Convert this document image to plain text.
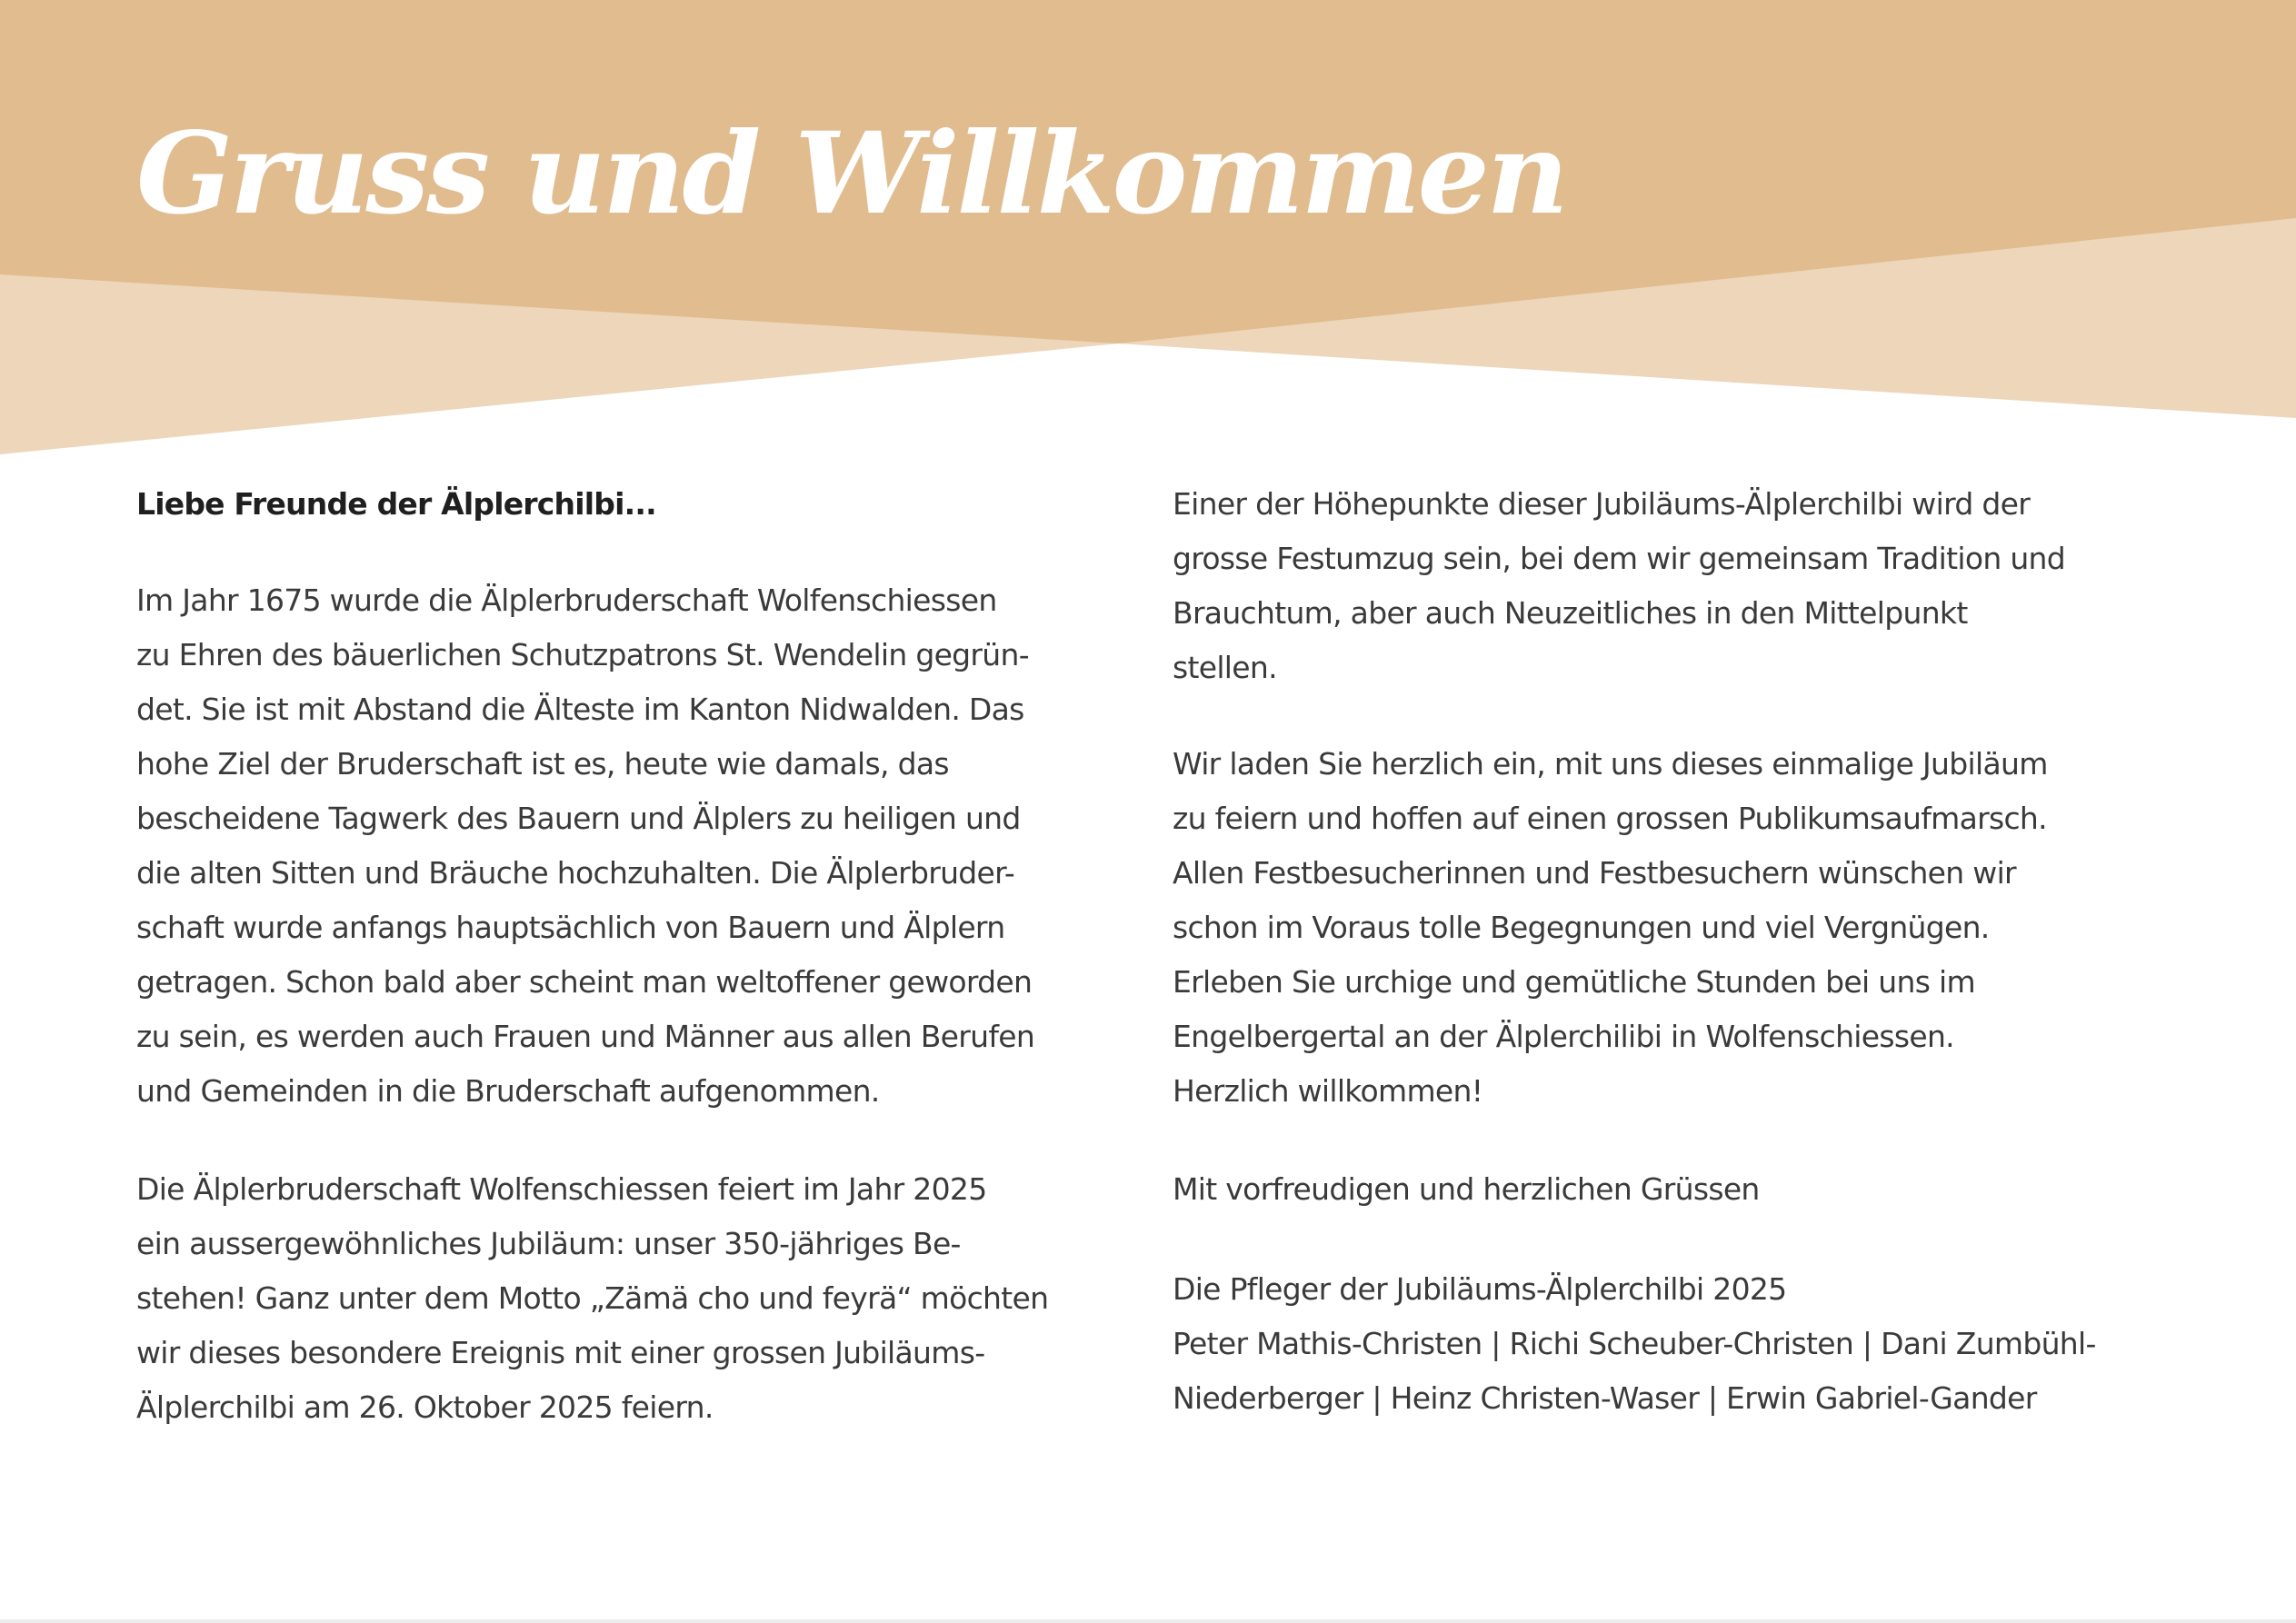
Gruss und Willkommen
Liebe Freunde der Älplerchilbi...
Im Jahr 1675 wurde die Älplerbruderschaft Wolfenschiessen
zu Ehren des bäuerlichen Schutzpatrons St. Wendelin gegrün-
det. Sie ist mit Abstand die Älteste im Kanton Nidwalden. Das
hohe Ziel der Bruderschaft ist es, heute wie damals, das
bescheidene Tagwerk des Bauern und Älplers zu heiligen und
die alten Sitten und Bräuche hochzuhalten. Die Älplerbruder-
schaft wurde anfangs hauptsächlich von Bauern und Älplern
getragen. Schon bald aber scheint man weltoffener geworden
zu sein, es werden auch Frauen und Männer aus allen Berufen
und Gemeinden in die Bruderschaft aufgenommen.
Die Älplerbruderschaft Wolfenschiessen feiert im Jahr 2025
ein aussergewöhnliches Jubiläum: unser 350-jähriges Be-
stehen! Ganz unter dem Motto „Zämä cho und feyrä“ möchten
wir dieses besondere Ereignis mit einer grossen Jubiläums-
Älplerchilbi am 26. Oktober 2025 feiern.
Einer der Höhepunkte dieser Jubiläums-Älplerchilbi wird der
grosse Festumzug sein, bei dem wir gemeinsam Tradition und
Brauchtum, aber auch Neuzeitliches in den Mittelpunkt
stellen.
Wir laden Sie herzlich ein, mit uns dieses einmalige Jubiläum
zu feiern und hoffen auf einen grossen Publikumsaufmarsch.
Allen Festbesucherinnen und Festbesuchern wünschen wir
schon im Voraus tolle Begegnungen und viel Vergnügen.
Erleben Sie urchige und gemütliche Stunden bei uns im
Engelbergertal an der Älplerchilibi in Wolfenschiessen.
Herzlich willkommen!
Mit vorfreudigen und herzlichen Grüssen
Die Pfleger der Jubiläums-Älplerchilbi 2025
Peter Mathis-Christen | Richi Scheuber-Christen | Dani Zumbühl-
Niederberger | Heinz Christen-Waser | Erwin Gabriel-Gander
